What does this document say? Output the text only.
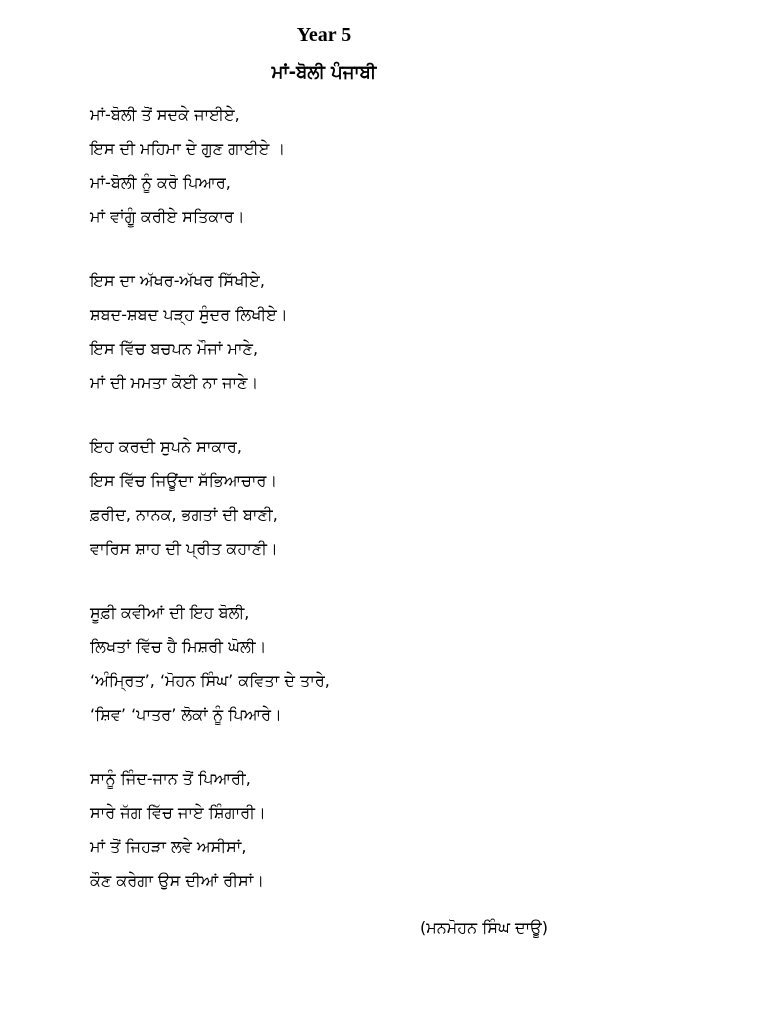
Year 5
ਮਾਂ-ਬੋਲੀ ਪੰਜਾਬੀ
ਮਾਂ-ਬੋਲੀ ਤੋਂ ਸਦਕੇ ਜਾਈਏ,
ਇਸ ਦੀ ਮਹਿਮਾ ਦੇ ਗੁਣ ਗਾਈਏ ।
ਮਾਂ-ਬੋਲੀ ਨੂੰ ਕਰੋ ਪਿਆਰ,
ਮਾਂ ਵਾਂਗੂੰ ਕਰੀਏ ਸਤਿਕਾਰ।
ਇਸ ਦਾ ਅੱਖਰ-ਅੱਖਰ ਸਿੱਖੀਏ,
ਸ਼ਬਦ-ਸ਼ਬਦ ਪੜ੍ਹ ਸੁੰਦਰ ਲਿਖੀਏ।
ਇਸ ਵਿੱਚ ਬਚਪਨ ਮੌਜਾਂ ਮਾਣੇ,
ਮਾਂ ਦੀ ਮਮਤਾ ਕੋਈ ਨਾ ਜਾਣੇ।
ਇਹ ਕਰਦੀ ਸੁਪਨੇ ਸਾਕਾਰ,
ਇਸ ਵਿੱਚ ਜਿਊਂਦਾ ਸੱਭਿਆਚਾਰ।
ਫ਼ਰੀਦ, ਨਾਨਕ, ਭਗਤਾਂ ਦੀ ਬਾਣੀ,
ਵਾਰਿਸ ਸ਼ਾਹ ਦੀ ਪ੍ਰੀਤ ਕਹਾਣੀ।
ਸੂਫ਼ੀ ਕਵੀਆਂ ਦੀ ਇਹ ਬੋਲੀ,
ਲਿਖਤਾਂ ਵਿੱਚ ਹੈ ਮਿਸ਼ਰੀ ਘੋਲੀ।
‘ਅੰਮ੍ਰਿਤ’, ‘ਮੋਹਨ ਸਿੰਘ’ ਕਵਿਤਾ ਦੇ ਤਾਰੇ,
‘ਸ਼ਿਵ’ ‘ਪਾਤਰ’ ਲੋਕਾਂ ਨੂੰ ਪਿਆਰੇ।
ਸਾਨੂੰ ਜਿੰਦ-ਜਾਨ ਤੋਂ ਪਿਆਰੀ,
ਸਾਰੇ ਜੱਗ ਵਿੱਚ ਜਾਏ ਸ਼ਿੰਗਾਰੀ।
ਮਾਂ ਤੋਂ ਜਿਹੜਾ ਲਵੇ ਅਸੀਸਾਂ,
ਕੌਣ ਕਰੇਗਾ ਉਸ ਦੀਆਂ ਰੀਸਾਂ।

(ਮਨਮੋਹਨ ਸਿੰਘ ਦਾਊ)
